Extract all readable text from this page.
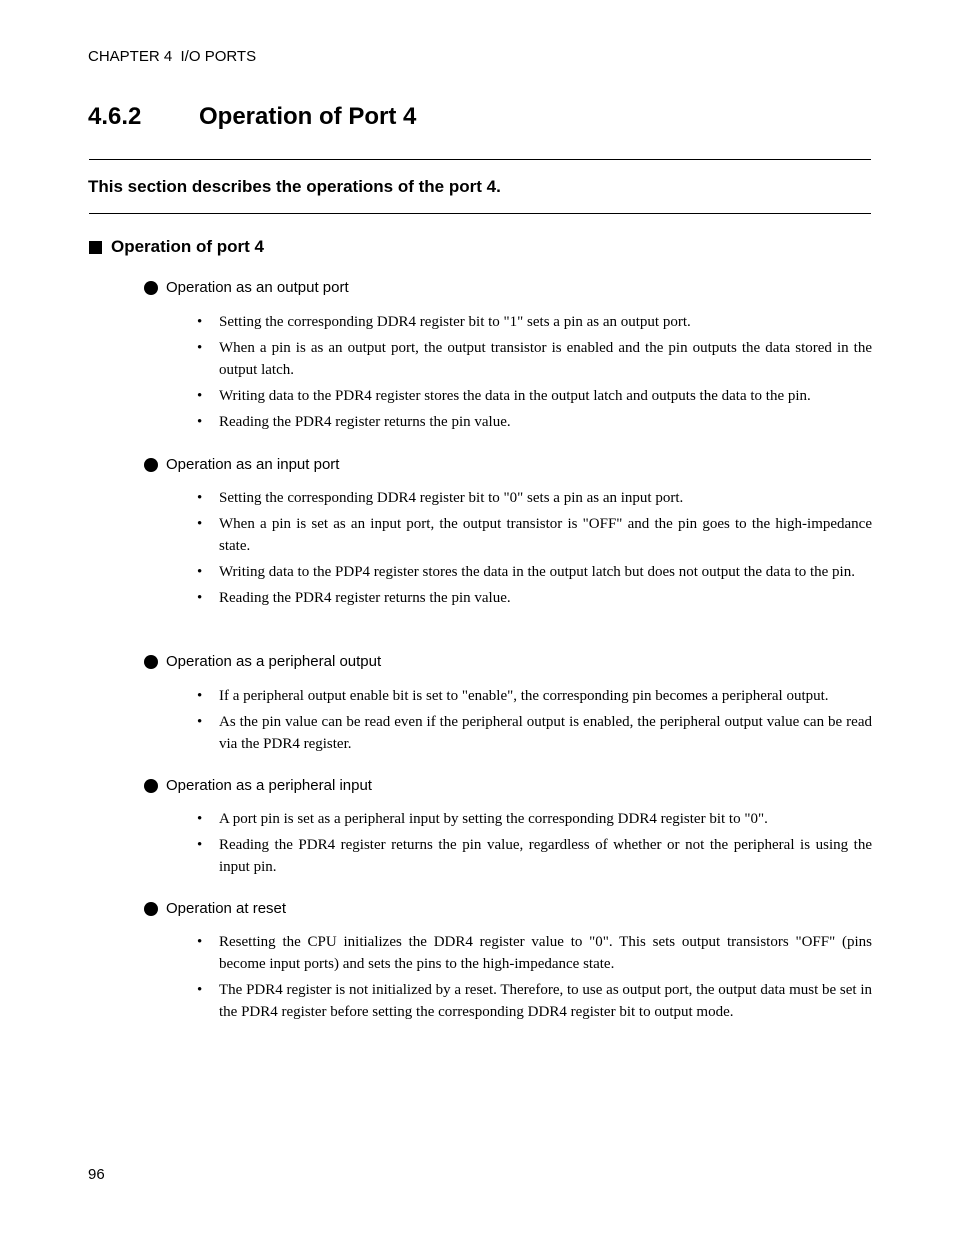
CHAPTER 4  I/O PORTS
4.6.2 Operation of Port 4
This section describes the operations of the port 4.
Operation of port 4
Operation as an output port
• Setting the corresponding DDR4 register bit to "1" sets a pin as an output port.
• When a pin is as an output port, the output transistor is enabled and the pin outputs the data stored in the output latch.
• Writing data to the PDR4 register stores the data in the output latch and outputs the data to the pin.
• Reading the PDR4 register returns the pin value.
Operation as an input port
• Setting the corresponding DDR4 register bit to "0" sets a pin as an input port.
• When a pin is set as an input port, the output transistor is "OFF" and the pin goes to the high-impedance state.
• Writing data to the PDP4 register stores the data in the output latch but does not output the data to the pin.
• Reading the PDR4 register returns the pin value.
Operation as a peripheral output
• If a peripheral output enable bit is set to "enable", the corresponding pin becomes a peripheral output.
• As the pin value can be read even if the peripheral output is enabled, the peripheral output value can be read via the PDR4 register.
Operation as a peripheral input
• A port pin is set as a peripheral input by setting the corresponding DDR4 register bit to "0".
• Reading the PDR4 register returns the pin value, regardless of whether or not the peripheral is using the input pin.
Operation at reset
• Resetting the CPU initializes the DDR4 register value to "0". This sets output transistors "OFF" (pins become input ports) and sets the pins to the high-impedance state.
• The PDR4 register is not initialized by a reset. Therefore, to use as output port, the output data must be set in the PDR4 register before setting the corresponding DDR4 register bit to output mode.
96
